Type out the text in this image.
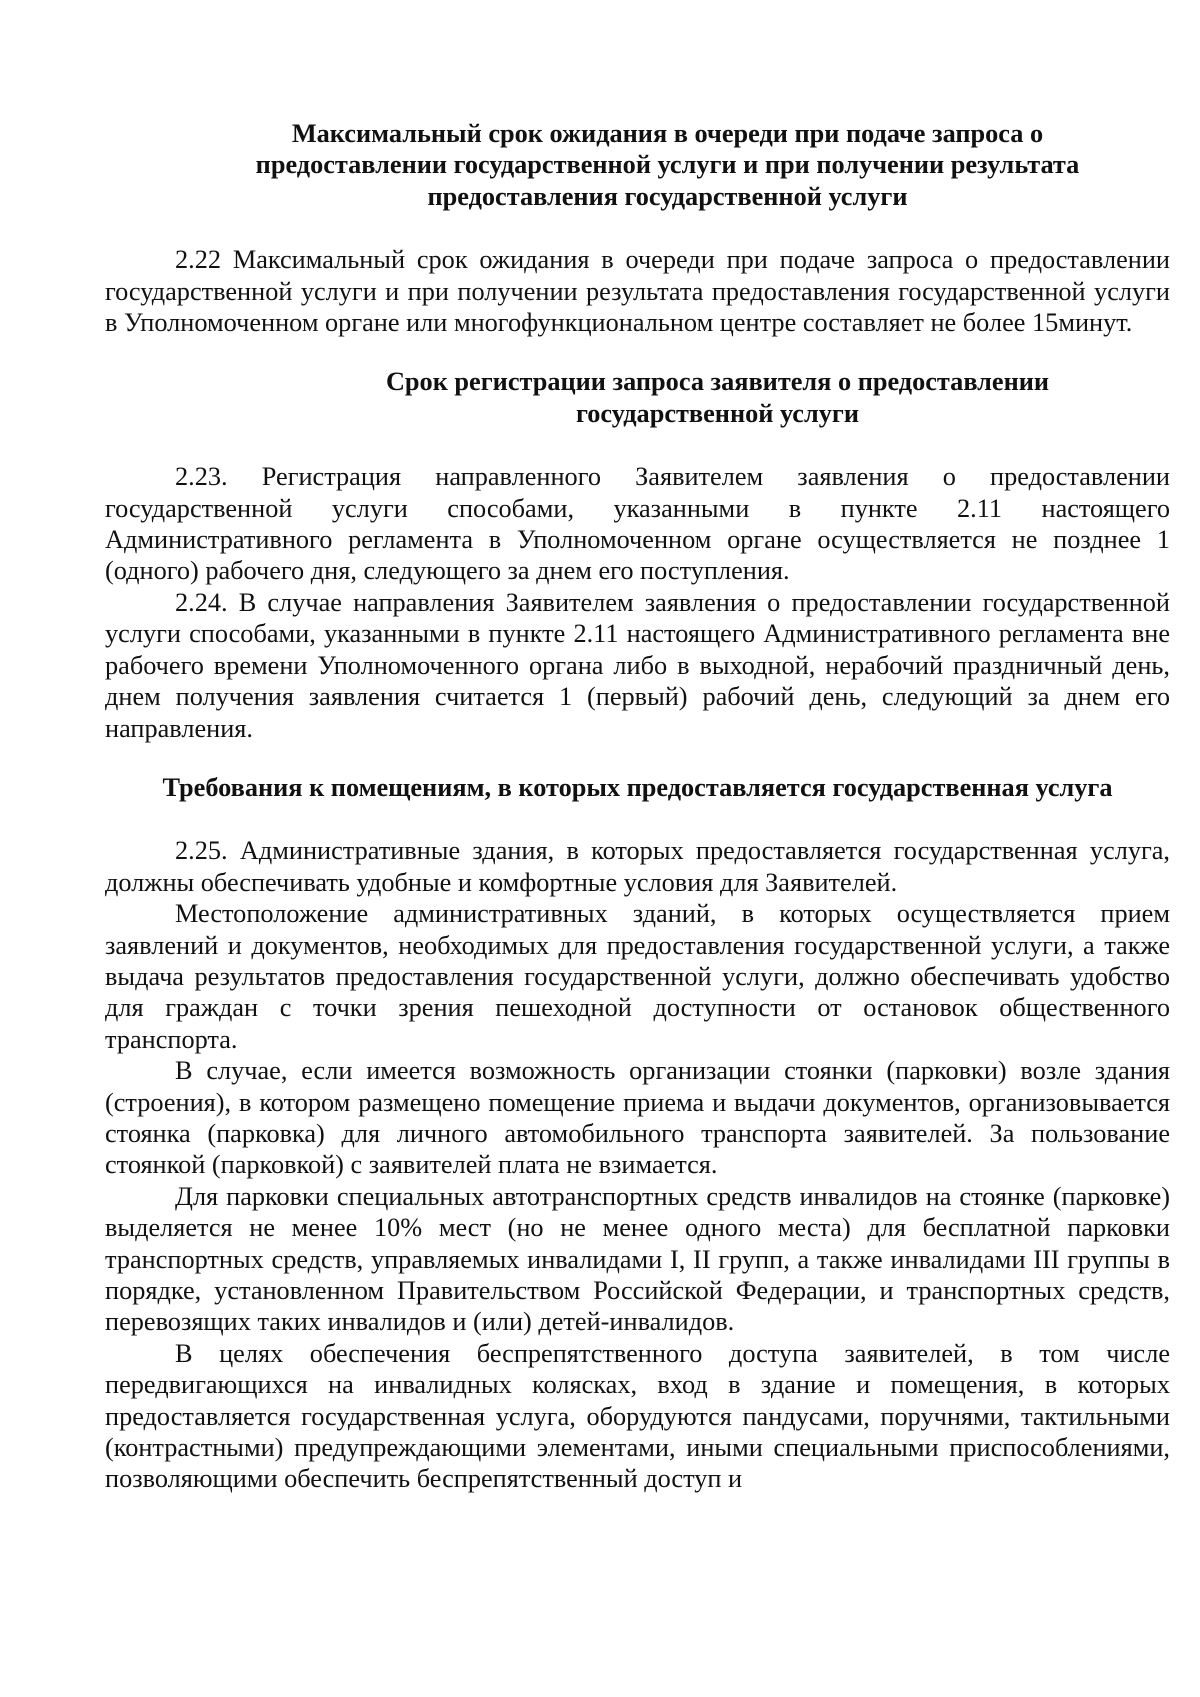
Максимальный срок ожидания в очереди при подаче запроса о предоставлении государственной услуги и при получении результата предоставления государственной услуги

2.22 Максимальный срок ожидания в очереди при подаче запроса о предоставлении государственной услуги и при получении результата предоставления государственной услуги в Уполномоченном органе или многофункциональном центре составляет не более 15минут.

Срок регистрации запроса заявителя о предоставлении государственной услуги

2.23. Регистрация направленного Заявителем заявления о предоставлении государственной услуги способами, указанными в пункте 2.11 настоящего Административного регламента в Уполномоченном органе осуществляется не позднее 1 (одного) рабочего дня, следующего за днем его поступления.

2.24. В случае направления Заявителем заявления о предоставлении государственной услуги способами, указанными в пункте 2.11 настоящего Административного регламента вне рабочего времени Уполномоченного органа либо в выходной, нерабочий праздничный день, днем получения заявления считается 1 (первый) рабочий день, следующий за днем его направления.

Требования к помещениям, в которых предоставляется государственная услуга

2.25. Административные здания, в которых предоставляется государственная услуга, должны обеспечивать удобные и комфортные условия для Заявителей.

Местоположение административных зданий, в которых осуществляется прием заявлений и документов, необходимых для предоставления государственной услуги, а также выдача результатов предоставления государственной услуги, должно обеспечивать удобство для граждан с точки зрения пешеходной доступности от остановок общественного транспорта.

В случае, если имеется возможность организации стоянки (парковки) возле здания (строения), в котором размещено помещение приема и выдачи документов, организовывается стоянка (парковка) для личного автомобильного транспорта заявителей. За пользование стоянкой (парковкой) с заявителей плата не взимается.

Для парковки специальных автотранспортных средств инвалидов на стоянке (парковке) выделяется не менее 10% мест (но не менее одного места) для бесплатной парковки транспортных средств, управляемых инвалидами I, II групп, а также инвалидами III группы в порядке, установленном Правительством Российской Федерации, и транспортных средств, перевозящих таких инвалидов и (или) детей-инвалидов.

В целях обеспечения беспрепятственного доступа заявителей, в том числе передвигающихся на инвалидных колясках, вход в здание и помещения, в которых предоставляется государственная услуга, оборудуются пандусами, поручнями, тактильными (контрастными) предупреждающими элементами, иными специальными приспособлениями, позволяющими обеспечить беспрепятственный доступ и
